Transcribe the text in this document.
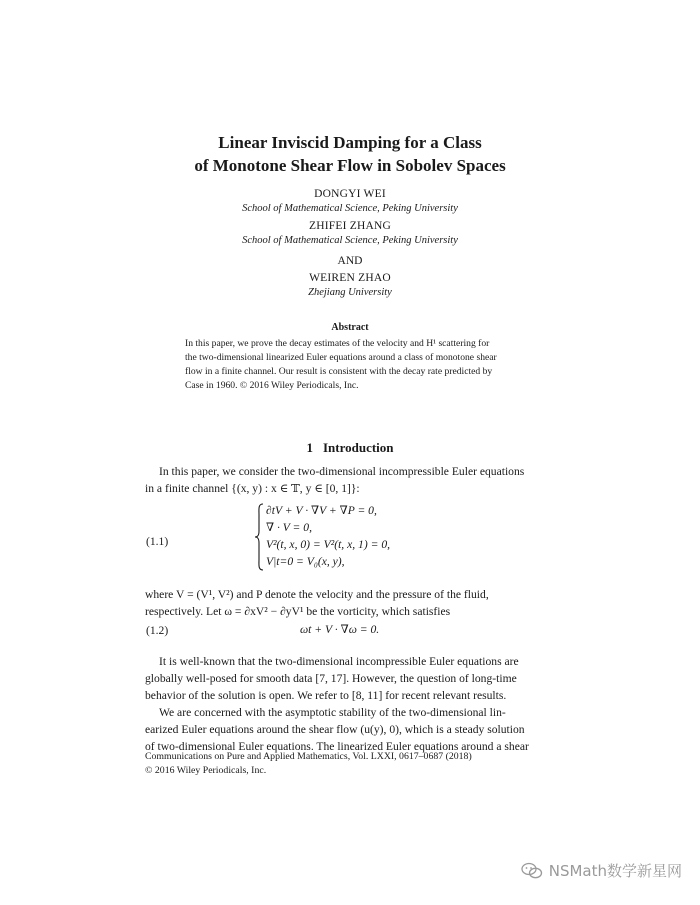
Linear Inviscid Damping for a Class
of Monotone Shear Flow in Sobolev Spaces
DONGYI WEI
School of Mathematical Science, Peking University
ZHIFEI ZHANG
School of Mathematical Science, Peking University
AND
WEIREN ZHAO
Zhejiang University
Abstract
In this paper, we prove the decay estimates of the velocity and H¹ scattering for
the two-dimensional linearized Euler equations around a class of monotone shear
flow in a finite channel. Our result is consistent with the decay rate predicted by
Case in 1960. © 2016 Wiley Periodicals, Inc.
1 Introduction
In this paper, we consider the two-dimensional incompressible Euler equations
in a finite channel {(x, y) : x ∈ 𝕋, y ∈ [0, 1]}:
(1.1)
∂tV + V · ∇V + ∇P = 0,
∇ · V = 0,
V²(t, x, 0) = V²(t, x, 1) = 0,
V|t=0 = V₀(x, y),
where V = (V¹, V²) and P denote the velocity and the pressure of the fluid,
respectively. Let ω = ∂xV² − ∂yV¹ be the vorticity, which satisfies
(1.2)	ωt + V · ∇ω = 0.
It is well-known that the two-dimensional incompressible Euler equations are
globally well-posed for smooth data [7, 17]. However, the question of long-time
behavior of the solution is open. We refer to [8, 11] for recent relevant results.
We are concerned with the asymptotic stability of the two-dimensional lin-
earized Euler equations around the shear flow (u(y), 0), which is a steady solution
of two-dimensional Euler equations. The linearized Euler equations around a shear
Communications on Pure and Applied Mathematics, Vol. LXXI, 0617–0687 (2018)
© 2016 Wiley Periodicals, Inc.
NSMath数学新星网
